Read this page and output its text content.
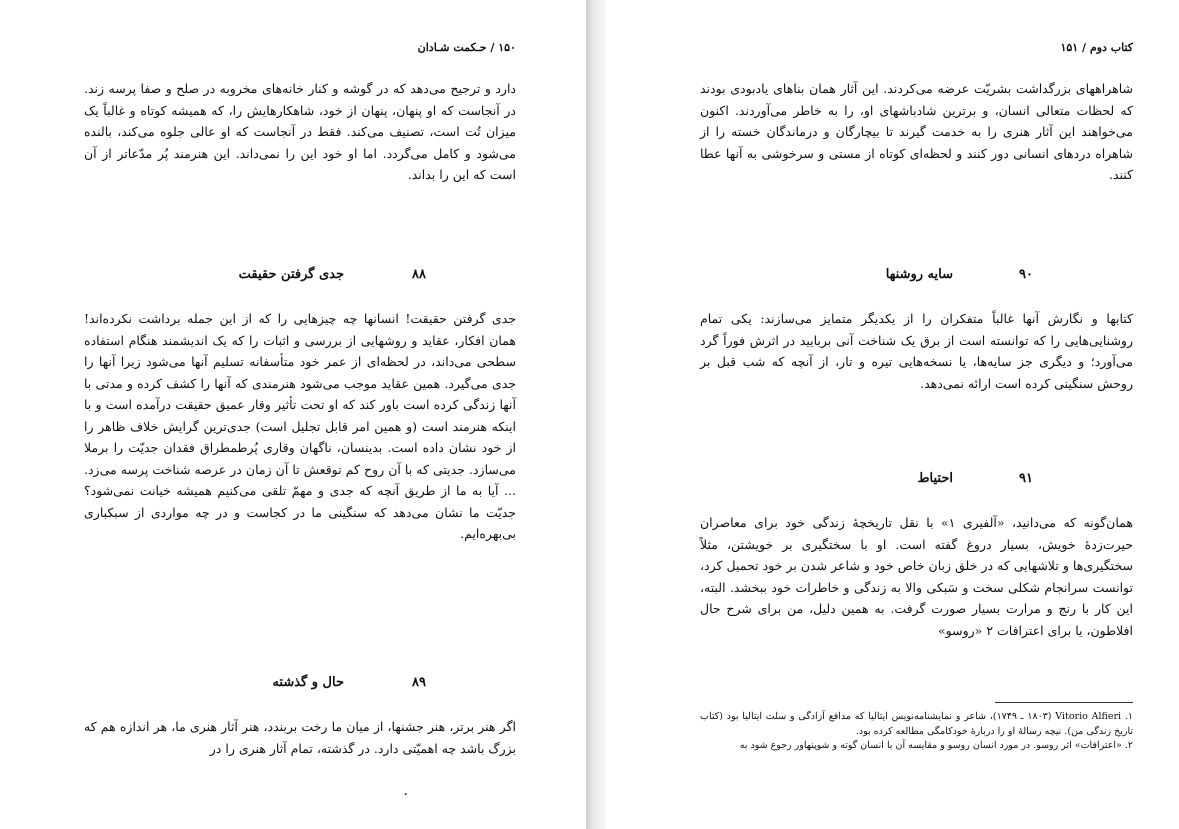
۱۵۰ / حـکمت شـادان

دارد و ترجیح می‌دهد که در گوشه و کنار خانه‌های مخروبه در صلح و صفا پرسه زند. در آنجاست که او پنهان، پنهان از خود، شاهکارهایش را، که همیشه کوتاه و غالباً یک میزان تُت است، تصنیف می‌کند. فقط در آنجاست که او عالی جلوه می‌کند، بالنده می‌شود و کامل می‌گردد. اما او خود این را نمی‌داند. این هنرمند پُر مدّعاتر از آن است که این را بداند.

۸۸
جدی گرفتن حقیقت

جدی گرفتن حقیقت! انسانها چه چیزهایی را که از این جمله برداشت نکرده‌اند! همان افکار، عقاید و روشهایی از بررسی و اثبات را که یک اندیشمند هنگام استفاده سطحی می‌داند، در لحظه‌ای از عمر خود متأسفانه تسلیم آنها می‌شود زیرا آنها را جدی می‌گیرد. همین عقاید موجب می‌شود هنرمندی که آنها را کشف کرده و مدتی با آنها زندگی کرده است باور کند که او تحت تأثیر وقار عمیق حقیقت درآمده است و با اینکه هنرمند است (و همین امر قابل تجلیل است) جدی‌ترین گرایش خلاف ظاهر را از خود نشان داده است. بدینسان، ناگهان وقاری پُرطمطراق فقدان جدیّت را برملا می‌سازد. جدیتی که با آن روح کم توقعش تا آن زمان در عرصه شناخت پرسه می‌زد. ... آیا به ما از طریق آنچه که جدی و مهمّ تلقی می‌کنیم همیشه خیانت نمی‌شود؟ جدیّت ما نشان می‌دهد که سنگینی ما در کجاست و در چه مواردی از سبکباری بی‌بهره‌ایم.

۸۹
حال و گذشته

اگر هنر برتر، هنر جشنها، از میان ما رخت بربندد، هنر آثار هنری ما، هر اندازه هم که بزرگ باشد چه اهمیّتی دارد. در گذشته، تمام آثار هنری را در

.
کتاب دوم / ۱۵۱

شاهراههای بزرگداشت بشریّت عرضه می‌کردند. این آثار همان بناهای یادبودی بودند که لحظات متعالی انسان، و برترین شادباشهای او، را به خاطر می‌آوردند. اکنون می‌خواهند این آثار هنری را به خدمت گیرند تا بیچارگان و درماندگان خسته را از شاهراه دردهای انسانی دور کنند و لحظه‌ای کوتاه از مستی و سرخوشی به آنها عطا کنند.

۹۰
سایه روشنها

کتابها و نگارش آنها غالباً متفکران را از یکدیگر متمایز می‌سازند: یکی تمام روشنایی‌هایی را که توانسته است از برق یک شناخت آنی بربایید در اثرش فوراً گرد می‌آورد؛ و دیگری جز سایه‌ها، یا نسخه‌هایی تیره و تار، از آنچه که شب قبل بر روحش سنگینی کرده است ارائه نمی‌دهد.

۹۱
احتیاط

همان‌گونه که می‌دانید، «آلفیری ۱» با نقل تاریخچهٔ زندگی خود برای معاصران حیرت‌زدهٔ خویش، بسیار دروغ گفته است. او با سختگیری بر خویشتن، مثلاً سختگیری‌ها و تلاشهایی که در خلق زبان خاص خود و شاعر شدن بر خود تحمیل کرد، توانست سرانجام شکلی سخت و سَبکی والا به زندگی و خاطرات خود ببخشد. البته، این کار با رنج و مرارت بسیار صورت گرفت. به همین دلیل، من برای شرح حال افلاطون، یا برای اعترافات ۲ «روسو»

۱. Vitorio Alfieri (۱۸۰۳ ـ ۱۷۴۹)، شاعر و نمایشنامه‌نویس ایتالیا که مدافع آزادگی و سلت ایتالیا بود (کتاب تاریخ زندگی من). نیچه رسالهٔ او را دربارهٔ خودکامگی مطالعه کرده بود.

۲. «اعترافات» اثر روسو. در مورد انسان روسو و مقایسه آن با انسان گوته و شوپنهاور رجوع شود به
